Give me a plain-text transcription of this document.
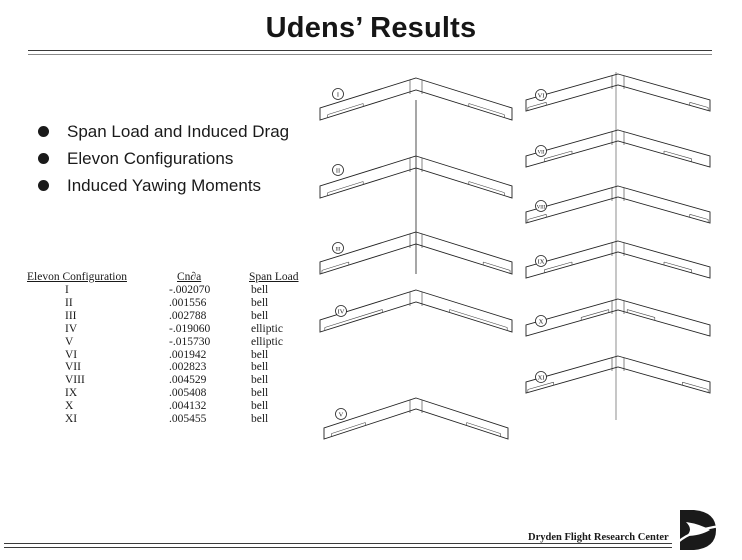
Udens’ Results
Span Load and Induced Drag
Elevon Configurations
Induced Yawing Moments
Elevon Configuration	Cn∂a	Span Load
I	-.002070	bell
II	.001556	bell
III	.002788	bell
IV	-.019060	elliptic
V	-.015730	elliptic
VI	.001942	bell
VII	.002823	bell
VIII	.004529	bell
IX	.005408	bell
X	.004132	bell
XI	.005455	bell
I
II
III
IV
V
VI
VII
VIII
IX
X
XI
Dryden Flight Research Center
